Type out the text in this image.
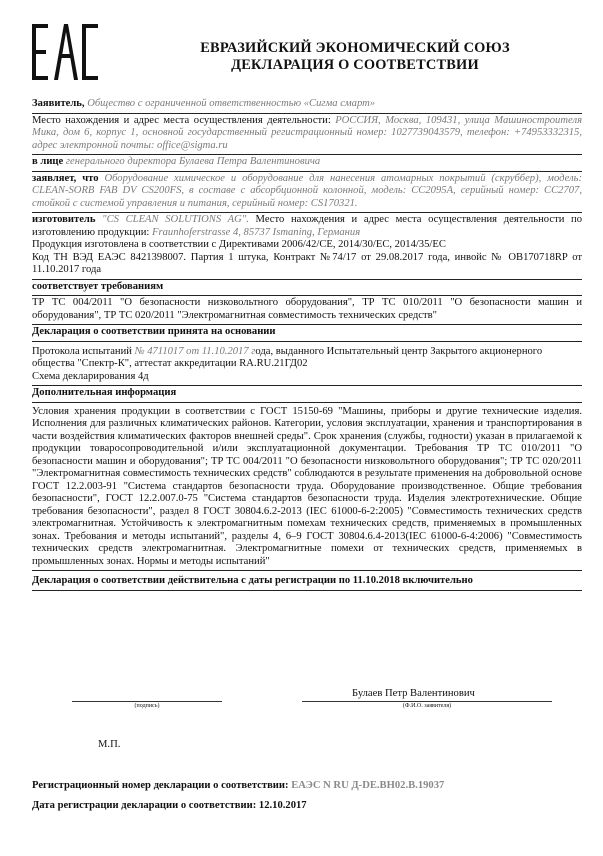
ЕВРАЗИЙСКИЙ ЭКОНОМИЧЕСКИЙ СОЮЗ
ДЕКЛАРАЦИЯ О СООТВЕТСТВИИ
Заявитель, Общество с ограниченной ответственностью «Сигма смарт»
Место нахождения и адрес места осуществления деятельности: РОССИЯ, Москва, 109431, улица Машиностроителя Мика, дом 6, корпус 1, основной государственный регистрационный номер: 1027739043579, телефон: +74953332315, адрес электронной почты: office@sigma.ru
в лице генерального директора Булаева Петра Валентиновича
заявляет, что Оборудование химическое и оборудование для нанесения атомарных покрытий (скруббер), модель: CLEAN-SORB FAB DV CS200FS, в составе с абсорбционной колонной, модель: CC2095A, серийный номер: CC2707, стойкой с системой управления и питания, серийный номер: CS170321.
изготовитель "CS CLEAN SOLUTIONS AG". Место нахождения и адрес места осуществления деятельности по изготовлению продукции: Fraunhoferstrasse 4, 85737 Ismaning, Германия

Продукция изготовлена в соответствии с Директивами 2006/42/СЕ, 2014/30/ЕС, 2014/35/ЕС

Код ТН ВЭД ЕАЭС 8421398007. Партия 1 штука, Контракт №74/17 от 29.08.2017 года, инвойс № OB170718RP от 11.10.2017 года

соответствует требованиям
ТР ТС 004/2011 "О безопасности низковольтного оборудования", ТР ТС 010/2011 "О безопасности машин и оборудования", ТР ТС 020/2011 "Электромагнитная совместимость технических средств"
Декларация о соответствии принята на основании

Протокола испытаний № 4711017 от 11.10.2017 года, выданного Испытательный центр Закрытого акционерного общества "Спектр-К", аттестат аккредитации RA.RU.21ГД02

Схема декларирования 4д

Дополнительная информация
Условия хранения продукции в соответствии с ГОСТ 15150-69 "Машины, приборы и другие технические изделия. Исполнения для различных климатических районов. Категории, условия эксплуатации, хранения и транспортирования в части воздействия климатических факторов внешней среды". Срок хранения (службы, годности) указан в прилагаемой к продукции товаросопроводительной и/или эксплуатационной документации. Требования ТР ТС 010/2011 "О безопасности машин и оборудования"; ТР ТС 004/2011 "О безопасности низковольтного оборудования"; ТР ТС 020/2011 "Электромагнитная совместимость технических средств" соблюдаются в результате применения на добровольной основе ГОСТ 12.2.003-91 "Система стандартов безопасности труда. Оборудование производственное. Общие требования безопасности", ГОСТ 12.2.007.0-75 "Система стандартов безопасности труда. Изделия электротехнические. Общие требования безопасности", раздел 8 ГОСТ 30804.6.2-2013 (IEC 61000-6-2:2005) "Совместимость технических средств электромагнитная. Устойчивость к электромагнитным помехам технических средств, применяемых в промышленных зонах. Требования и методы испытаний", разделы 4, 6–9 ГОСТ 30804.6.4-2013(IEC 61000-6-4:2006) "Совместимость технических средств электромагнитная. Электромагнитные помехи от технических средств, применяемых в промышленных зонах. Нормы и методы испытаний"
Декларация о соответствии действительна с даты регистрации по 11.10.2018 включительно
Булаев Петр Валентинович
(подпись)	(Ф.И.О. заявителя)
М.П.
Регистрационный номер декларации о соответствии: ЕАЭС N RU Д-DE.ВН02.В.19037
Дата регистрации декларации о соответствии: 12.10.2017
